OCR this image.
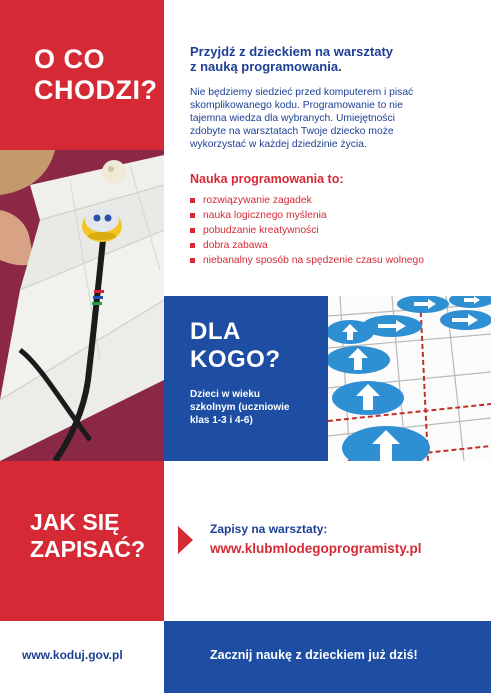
O CO
CHODZI?

Przyjdź z dzieckiem na warsztaty
z nauką programowania.

Nie będziemy siedzieć przed komputerem i pisać
skomplikowanego kodu. Programowanie to nie
tajemna wiedza dla wybranych. Umiejętności
zdobyte na warsztatach Twoje dziecko może
wykorzystać w każdej dziedzinie życia.

Nauka programowania to:

rozwiązywanie zagadek
nauka logicznego myślenia
pobudzanie kreatywności
dobra zabawa
niebanalny sposób na spędzenie czasu wolnego
DLA
KOGO?

Dzieci w wieku
szkolnym (uczniowie
klas 1-3 i 4-6)

JAK SIĘ
ZAPISAĆ?

Zapisy na warsztaty:

www.klubmlodegoprogramisty.pl

www.koduj.gov.pl	Zacznij naukę z dzieckiem już dziś!
